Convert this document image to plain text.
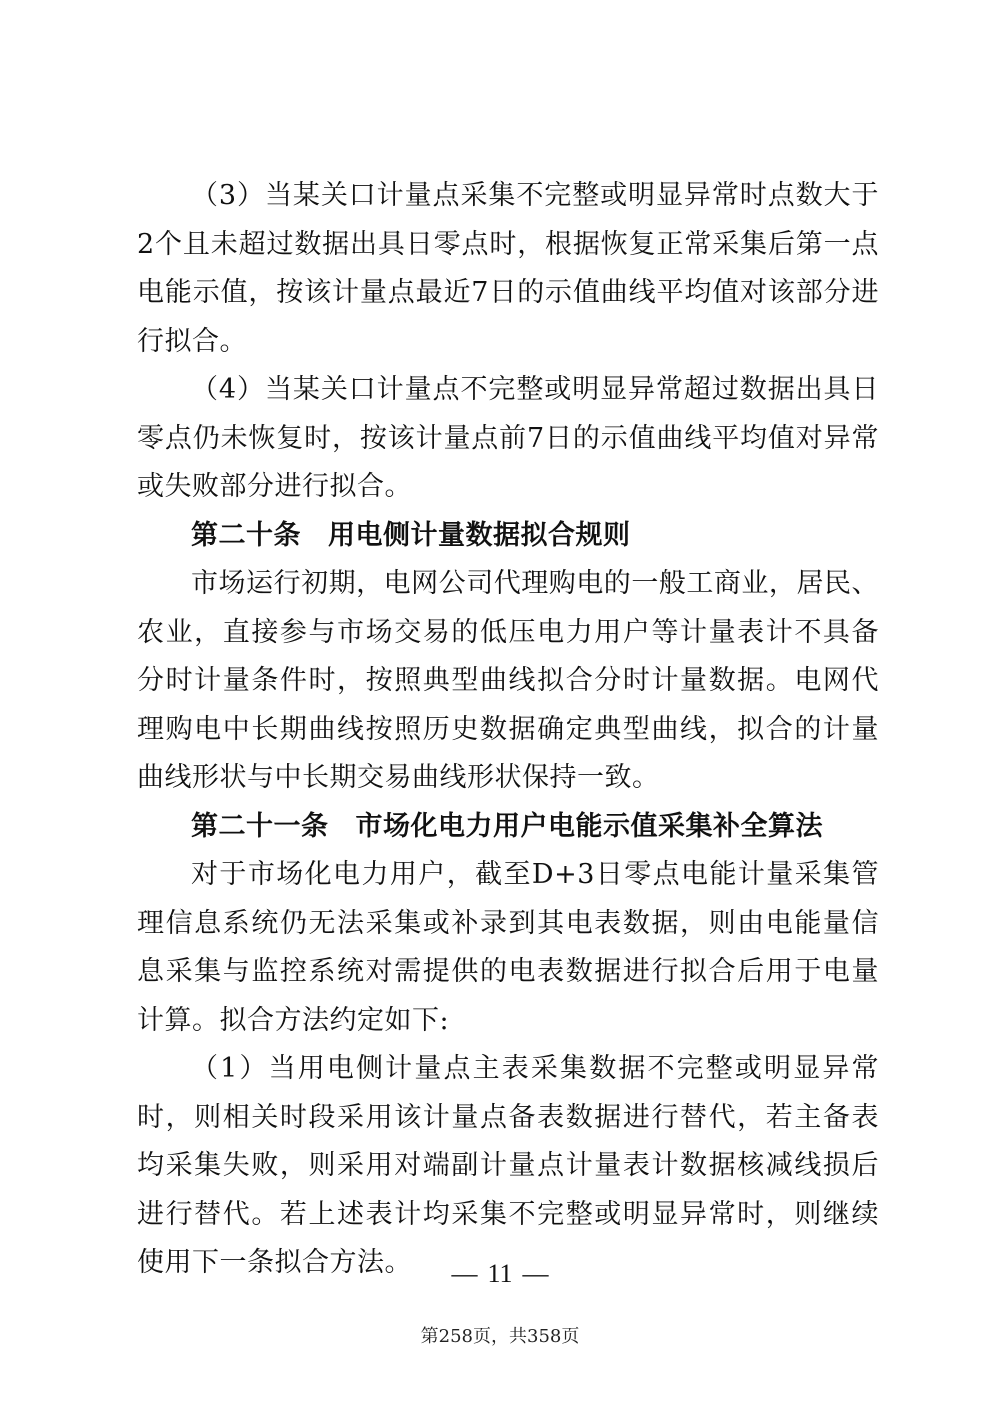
（3）当某关口计量点采集不完整或明显异常时点数大于2个且未超过数据出具日零点时，根据恢复正常采集后第一点电能示值，按该计量点最近7日的示值曲线平均值对该部分进行拟合。

（4）当某关口计量点不完整或明显异常超过数据出具日零点仍未恢复时，按该计量点前7日的示值曲线平均值对异常或失败部分进行拟合。

第二十条 用电侧计量数据拟合规则

市场运行初期，电网公司代理购电的一般工商业，居民、农业，直接参与市场交易的低压电力用户等计量表计不具备分时计量条件时，按照典型曲线拟合分时计量数据。电网代理购电中长期曲线按照历史数据确定典型曲线，拟合的计量曲线形状与中长期交易曲线形状保持一致。

第二十一条 市场化电力用户电能示值采集补全算法

对于市场化电力用户，截至D+3日零点电能计量采集管理信息系统仍无法采集或补录到其电表数据，则由电能量信息采集与监控系统对需提供的电表数据进行拟合后用于电量计算。拟合方法约定如下:

（1）当用电侧计量点主表采集数据不完整或明显异常时，则相关时段采用该计量点备表数据进行替代，若主备表均采集失败，则采用对端副计量点计量表计数据核减线损后进行替代。若上述表计均采集不完整或明显异常时，则继续使用下一条拟合方法。	— 11 —
第258页，共358页
